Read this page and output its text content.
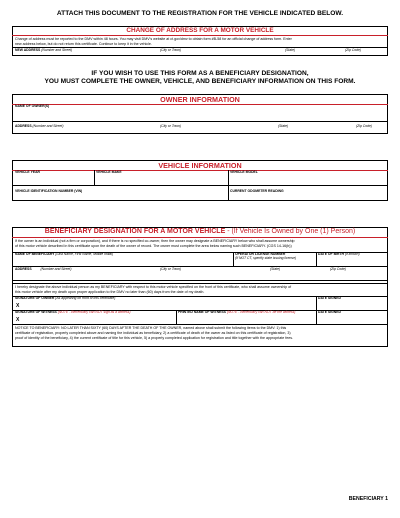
ATTACH THIS DOCUMENT TO THE REGISTRATION FOR THE VEHICLE INDICATED BELOW.
CHANGE OF ADDRESS FOR A MOTOR VEHICLE
Change of address must be reported to the DMV within 48 hours. You may visit DMV's website at ct.gov/dmv to obtain form #B-58 for an official change of address form. Enter
new address below, but do not return this certificate. Continue to keep it in the vehicle.
NEW ADDRESS (Number and Street)	(City or Town)	(State)	(Zip Code)
IF YOU WISH TO USE THIS FORM AS A BENEFICIARY DESIGNATION,
YOU MUST COMPLETE THE OWNER, VEHICLE, AND BENEFICIARY INFORMATION ON THIS FORM.
OWNER INFORMATION
NAME OF OWNER(S)
ADDRESS (Number and Street)	(City or Town)	(State)	(Zip Code)
VEHICLE INFORMATION
VEHICLE YEAR	VEHICLE MAKE	VEHICLE MODEL
VEHICLE IDENTIFICATION NUMBER (VIN)	CURRENT ODOMETER READING
BENEFICIARY DESIGNATION FOR A MOTOR VEHICLE - (If Vehicle Is Owned by One (1) Person)
If the owner is an individual (not a firm or corporation), and if there is no specified co-owner, then the owner may designate a BENEFICIARY below who shall assume ownership
of this motor vehicle described in this certificate upon the death of the owner of record. The owner must complete the area below naming such BENEFICIARY. (CGS 14-16(b))
NAME OF BENEFICIARY (Last Name, First Name, Middle Initial)	OPERATOR LICENSE NUMBER
(If NOT CT, specify state issuing license)
DATE OF BIRTH (if known)
ADDRESS	(Number and Street)	(City or Town)	(State)	(Zip Code)
I hereby designate the above individual person as my BENEFICIARY with respect to this motor vehicle specified on the front of this certificate, who shall assume ownership of
this motor vehicle after my death upon proper application to the DMV no later than (60) days from the date of my death.
SIGNATURE OF OWNER (As appearing on front of this certificate)	DATE SIGNED
X
SIGNATURE OF WITNESS (NOTE - Beneficiary can NOT sign as a witness)	PRINTED NAME OF WITNESS (NOTE - Beneficiary can NOT be the witness)	DATE SIGNED
X
NOTICE TO BENEFICIARY: NO LATER THAN SIXTY (60) DAYS AFTER THE DEATH OF THE OWNER, named above shall submit the following items to the DMV: 1) this
certificate of registration, properly completed above and naming the individual as beneficiary, 2) a certificate of death of the owner as listed on this certificate of registration, 3)
proof of identity of the beneficiary, 4) the current certificate of title for this vehicle, 5) a properly completed application for registration and title together with the appropriate fees.
BENEFICIARY 1
